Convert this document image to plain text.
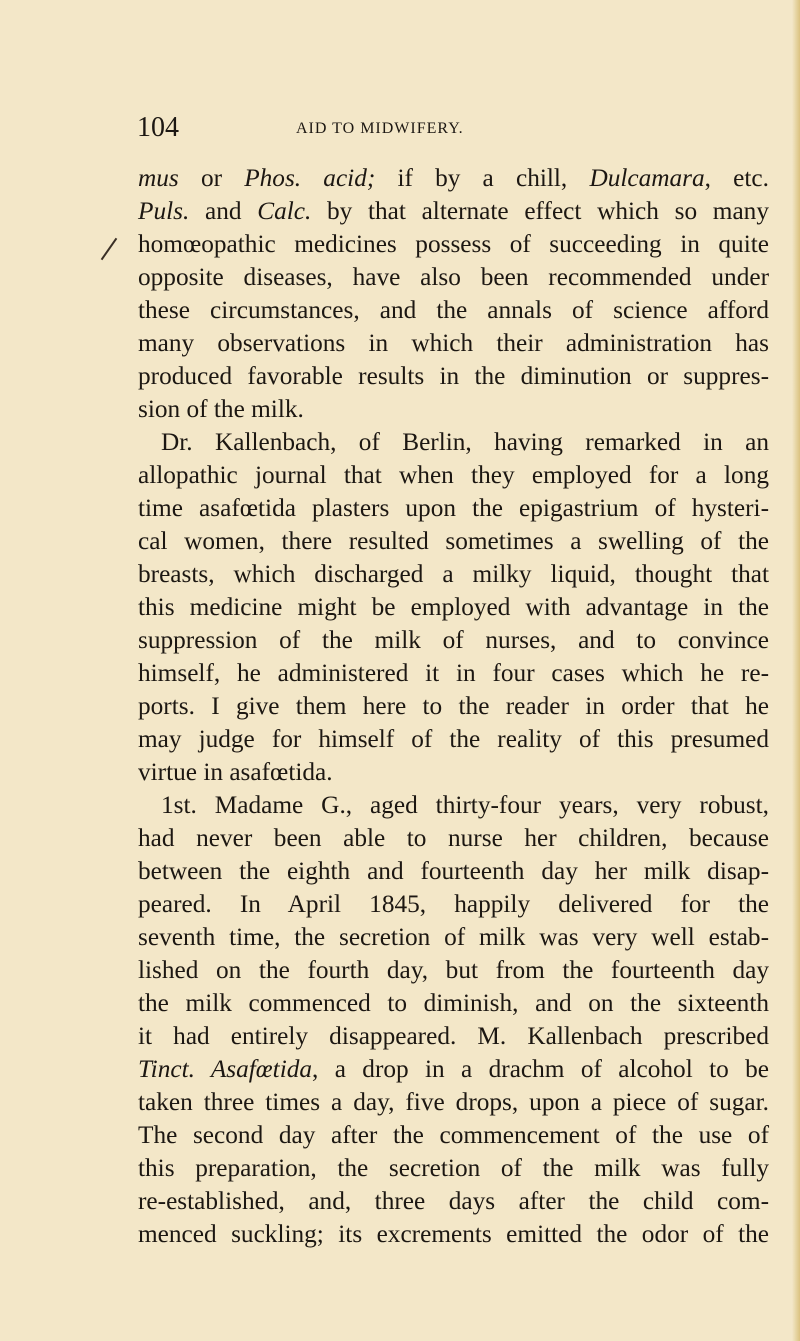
104	AID TO MIDWIFERY.
mus or Phos. acid; if by a chill, Dulcamara, etc.
Puls. and Calc. by that alternate effect which so many
homœopathic medicines possess of succeeding in quite
opposite diseases, have also been recommended under
these circumstances, and the annals of science afford
many observations in which their administration has
produced favorable results in the diminution or suppres-
sion of the milk.
Dr. Kallenbach, of Berlin, having remarked in an
allopathic journal that when they employed for a long
time asafœtida plasters upon the epigastrium of hysteri-
cal women, there resulted sometimes a swelling of the
breasts, which discharged a milky liquid, thought that
this medicine might be employed with advantage in the
suppression of the milk of nurses, and to convince
himself, he administered it in four cases which he re-
ports. I give them here to the reader in order that he
may judge for himself of the reality of this presumed
virtue in asafœtida.
1st. Madame G., aged thirty-four years, very robust,
had never been able to nurse her children, because
between the eighth and fourteenth day her milk disap-
peared. In April 1845, happily delivered for the
seventh time, the secretion of milk was very well estab-
lished on the fourth day, but from the fourteenth day
the milk commenced to diminish, and on the sixteenth
it had entirely disappeared. M. Kallenbach prescribed
Tinct. Asafœtida, a drop in a drachm of alcohol to be
taken three times a day, five drops, upon a piece of sugar.
The second day after the commencement of the use of
this preparation, the secretion of the milk was fully
re-established, and, three days after the child com-
menced suckling; its excrements emitted the odor of the
